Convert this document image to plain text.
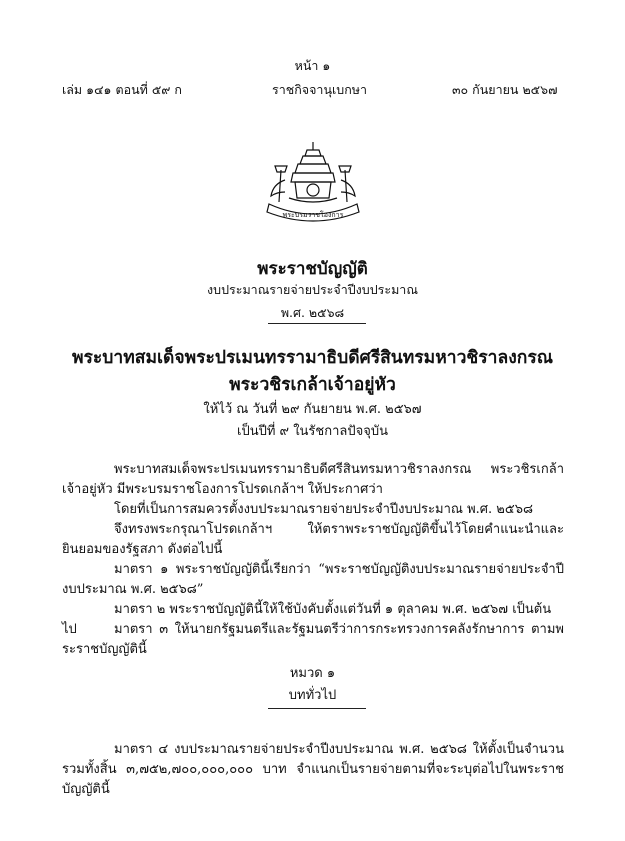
หน้า ๑
เล่ม ๑๔๑ ตอนที่ ๕๙ ก	ราชกิจจานุเบกษา	๓๐ กันยายน ๒๕๖๗
พระบรมราชโองการ
พระราชบัญญัติ
งบประมาณรายจ่ายประจำปีงบประมาณ
พ.ศ. ๒๕๖๘
พระบาทสมเด็จพระปรเมนทรรามาธิบดีศรีสินทรมหาวชิราลงกรณ
พระวชิรเกล้าเจ้าอยู่หัว
ให้ไว้ ณ วันที่ ๒๙ กันยายน พ.ศ. ๒๕๖๗
เป็นปีที่ ๙ ในรัชกาลปัจจุบัน
พระบาทสมเด็จพระปรเมนทรรามาธิบดีศรีสินทรมหาวชิราลงกรณ พระวชิรเกล้าเจ้าอยู่หัว มีพระบรมราชโองการโปรดเกล้าฯ ให้ประกาศว่า
โดยที่เป็นการสมควรตั้งงบประมาณรายจ่ายประจำปีงบประมาณ พ.ศ. ๒๕๖๘
จึงทรงพระกรุณาโปรดเกล้าฯ ให้ตราพระราชบัญญัติขึ้นไว้โดยคำแนะนำและยินยอมของรัฐสภา ดังต่อไปนี้
มาตรา ๑ พระราชบัญญัตินี้เรียกว่า “พระราชบัญญัติงบประมาณรายจ่ายประจำปี งบประมาณ พ.ศ. ๒๕๖๘”
มาตรา ๒ พระราชบัญญัตินี้ให้ใช้บังคับตั้งแต่วันที่ ๑ ตุลาคม พ.ศ. ๒๕๖๗ เป็นต้นไป	มาตรา ๓ ให้นายกรัฐมนตรีและรัฐมนตรีว่าการกระทรวงการคลังรักษาการ ตามพระราชบัญญัตินี้
หมวด ๑
บททั่วไป
มาตรา ๔ งบประมาณรายจ่ายประจำปีงบประมาณ พ.ศ. ๒๕๖๘ ให้ตั้งเป็นจำนวน รวมทั้งสิ้น ๓,๗๕๒,๗๐๐,๐๐๐,๐๐๐ บาท จำแนกเป็นรายจ่ายตามที่จะระบุต่อไปในพระราชบัญญัตินี้
